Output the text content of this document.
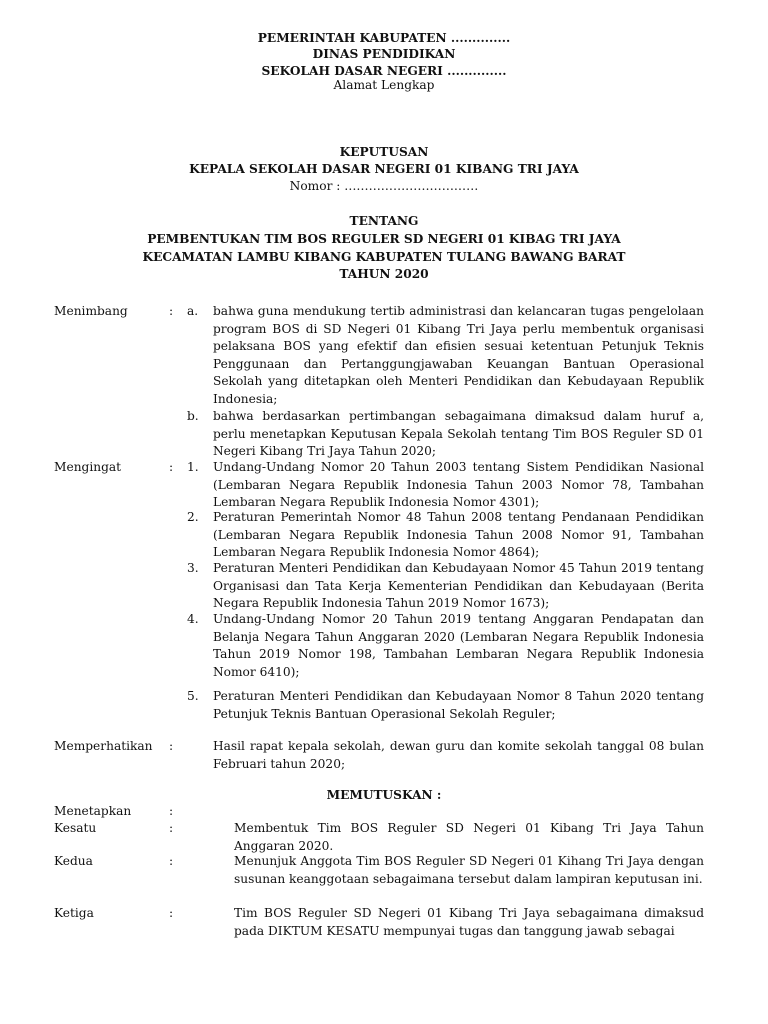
PEMERINTAH KABUPATEN ..............
DINAS PENDIDIKAN
SEKOLAH DASAR NEGERI ..............
Alamat Lengkap
KEPUTUSAN
KEPALA SEKOLAH DASAR NEGERI 01 KIBANG TRI JAYA
Nomor : ……………………………
TENTANG
PEMBENTUKAN TIM BOS REGULER SD NEGERI 01 KIBAG TRI JAYA
KECAMATAN LAMBU KIBANG KABUPATEN TULANG BAWANG BARAT
TAHUN 2020
Menimbang	: a. bahwa guna mendukung tertib administrasi dan kelancaran tugas pengelolaan program BOS di SD Negeri 01 Kibang Tri Jaya perlu membentuk organisasi pelaksana BOS yang efektif dan efisien sesuai ketentuan Petunjuk Teknis Penggunaan dan Pertanggungjawaban Keuangan Bantuan Operasional Sekolah yang ditetapkan oleh Menteri Pendidikan dan Kebudayaan Republik Indonesia;
b. bahwa berdasarkan pertimbangan sebagaimana dimaksud dalam huruf a, perlu menetapkan Keputusan Kepala Sekolah tentang Tim BOS Reguler SD 01 Negeri Kibang Tri Jaya Tahun 2020;
Mengingat	: 1. Undang-Undang Nomor 20 Tahun 2003 tentang Sistem Pendidikan Nasional (Lembaran Negara Republik Indonesia Tahun 2003 Nomor 78, Tambahan Lembaran Negara Republik Indonesia Nomor 4301);
2. Peraturan Pemerintah Nomor 48 Tahun 2008 tentang Pendanaan Pendidikan (Lembaran Negara Republik Indonesia Tahun 2008 Nomor 91, Tambahan Lembaran Negara Republik Indonesia Nomor 4864);
3. Peraturan Menteri Pendidikan dan Kebudayaan Nomor 45 Tahun 2019 tentang Organisasi dan Tata Kerja Kementerian Pendidikan dan Kebudayaan (Berita Negara Republik Indonesia Tahun 2019 Nomor 1673);
4. Undang-Undang Nomor 20 Tahun 2019 tentang Anggaran Pendapatan dan Belanja Negara Tahun Anggaran 2020 (Lembaran Negara Republik Indonesia Tahun 2019 Nomor 198, Tambahan Lembaran Negara Republik Indonesia Nomor 6410);
5. Peraturan Menteri Pendidikan dan Kebudayaan Nomor 8 Tahun 2020 tentang Petunjuk Teknis Bantuan Operasional Sekolah Reguler;
Memperhatikan :	Hasil rapat kepala sekolah, dewan guru dan komite sekolah tanggal 08 bulan Februari tahun 2020;
MEMUTUSKAN :
Menetapkan	:
Kesatu	:	Membentuk Tim BOS Reguler SD Negeri 01 Kibang Tri Jaya Tahun Anggaran 2020.
Kedua	:	Menunjuk Anggota Tim BOS Reguler SD Negeri 01 Kihang Tri Jaya dengan susunan keanggotaan sebagaimana tersebut dalam lampiran keputusan ini.
Ketiga	:	Tim BOS Reguler SD Negeri 01 Kibang Tri Jaya sebagaimana dimaksud pada DIKTUM KESATU mempunyai tugas dan tanggung jawab sebagai
